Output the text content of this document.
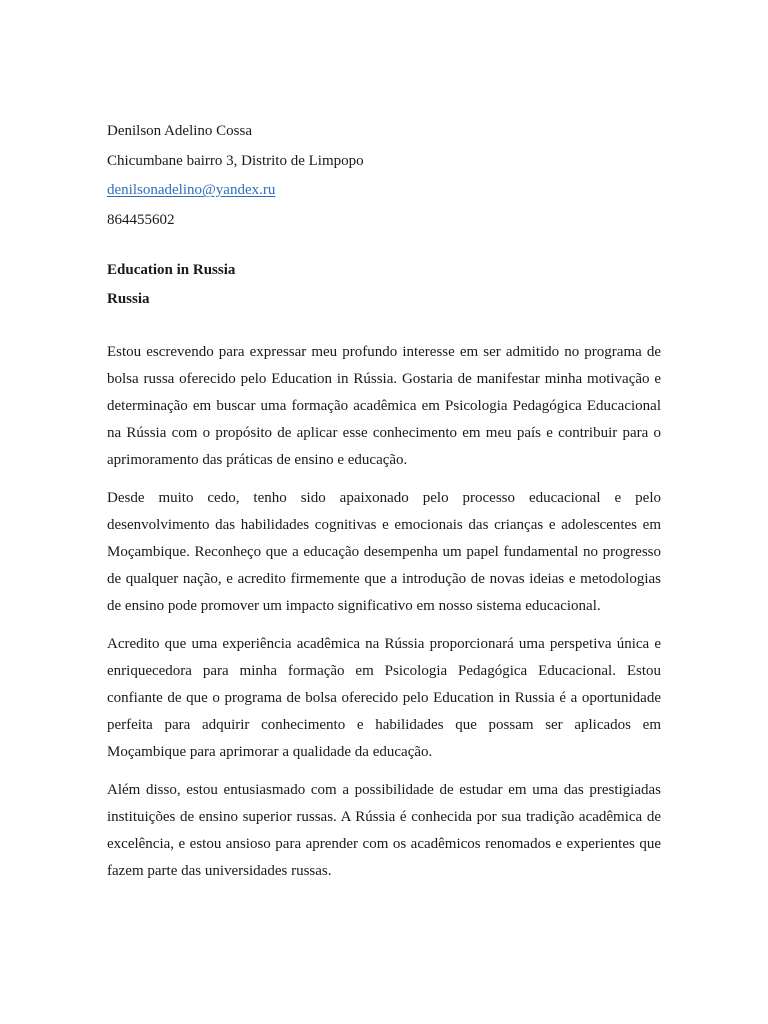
Denilson Adelino Cossa

Chicumbane bairro 3, Distrito de Limpopo

denilsonadelino@yandex.ru

864455602

Education in Russia

Russia

Estou escrevendo para expressar meu profundo interesse em ser admitido no programa de bolsa russa oferecido pelo Education in Rússia. Gostaria de manifestar minha motivação e determinação em buscar uma formação acadêmica em Psicologia Pedagógica Educacional na Rússia com o propósito de aplicar esse conhecimento em meu país e contribuir para o aprimoramento das práticas de ensino e educação.

Desde muito cedo, tenho sido apaixonado pelo processo educacional e pelo desenvolvimento das habilidades cognitivas e emocionais das crianças e adolescentes em Moçambique. Reconheço que a educação desempenha um papel fundamental no progresso de qualquer nação, e acredito firmemente que a introdução de novas ideias e metodologias de ensino pode promover um impacto significativo em nosso sistema educacional.

Acredito que uma experiência acadêmica na Rússia proporcionará uma perspetiva única e enriquecedora para minha formação em Psicologia Pedagógica Educacional. Estou confiante de que o programa de bolsa oferecido pelo Education in Russia é a oportunidade perfeita para adquirir conhecimento e habilidades que possam ser aplicados em Moçambique para aprimorar a qualidade da educação.

Além disso, estou entusiasmado com a possibilidade de estudar em uma das prestigiadas instituições de ensino superior russas. A Rússia é conhecida por sua tradição acadêmica de excelência, e estou ansioso para aprender com os acadêmicos renomados e experientes que fazem parte das universidades russas.
